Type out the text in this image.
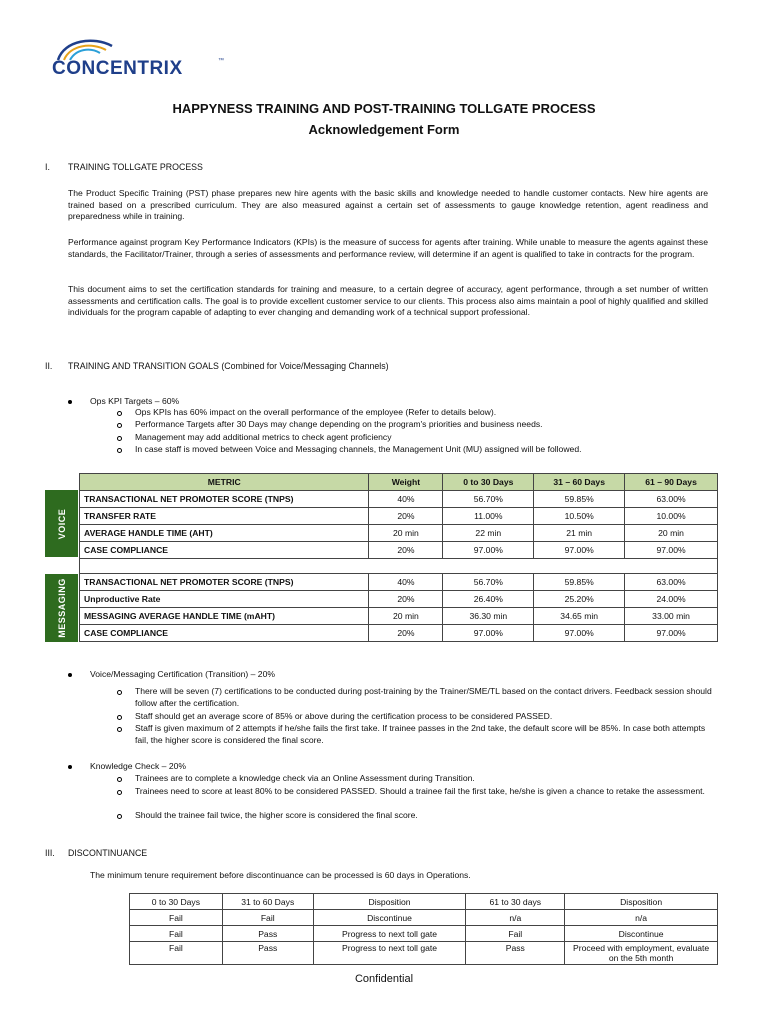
CONCENTRIX	™
HAPPYNESS TRAINING AND POST-TRAINING TOLLGATE PROCESS
Acknowledgement Form
I. TRAINING TOLLGATE PROCESS
The Product Specific Training (PST) phase prepares new hire agents with the basic skills and knowledge needed to handle customer contacts. New hire agents are trained based on a prescribed curriculum. They are also measured against a certain set of assessments to gauge knowledge retention, agent readiness and preparedness while in training.
Performance against program Key Performance Indicators (KPIs) is the measure of success for agents after training. While unable to measure the agents against these standards, the Facilitator/Trainer, through a series of assessments and performance review, will determine if an agent is qualified to take in contracts for the program.
This document aims to set the certification standards for training and measure, to a certain degree of accuracy, agent performance, through a set number of written assessments and certification calls. The goal is to provide excellent customer service to our clients. This process also aims maintain a pool of highly qualified and skilled individuals for the program capable of adapting to ever changing and demanding work of a technical support professional.
II. TRAINING AND TRANSITION GOALS (Combined for Voice/Messaging Channels)
Ops KPI Targets – 60%
Ops KPIs has 60% impact on the overall performance of the employee (Refer to details below).
Performance Targets after 30 Days may change depending on the program's priorities and business needs.
Management may add additional metrics to check agent proficiency
In case staff is moved between Voice and Messaging channels, the Management Unit (MU) assigned will be followed.
VOICE
MESSAGING
METRIC	Weight	0 to 30 Days	31 – 60 Days	61 – 90 Days
TRANSACTIONAL NET PROMOTER SCORE (TNPS)	40%	56.70%	59.85%	63.00%
TRANSFER RATE	20%	11.00%	10.50%	10.00%
AVERAGE HANDLE TIME (AHT)	20 min	22 min	21 min	20 min
CASE COMPLIANCE	20%	97.00%	97.00%	97.00%

TRANSACTIONAL NET PROMOTER SCORE (TNPS)	40%	56.70%	59.85%	63.00%
Unproductive Rate	20%	26.40%	25.20%	24.00%
MESSAGING AVERAGE HANDLE TIME (mAHT)	20 min	36.30 min	34.65 min	33.00 min
CASE COMPLIANCE	20%	97.00%	97.00%	97.00%
Voice/Messaging Certification (Transition) – 20%
There will be seven (7) certifications to be conducted during post-training by the Trainer/SME/TL based on the contact drivers. Feedback session should follow after the certification.
Staff should get an average score of 85% or above during the certification process to be considered PASSED.
Staff is given maximum of 2 attempts if he/she fails the first take. If trainee passes in the 2nd take, the default score will be 85%. In case both attempts fail, the higher score is considered the final score.
Knowledge Check – 20%
Trainees are to complete a knowledge check via an Online Assessment during Transition.
Trainees need to score at least 80% to be considered PASSED. Should a trainee fail the first take, he/she is given a chance to retake the assessment.
Should the trainee fail twice, the higher score is considered the final score.
III. DISCONTINUANCE
The minimum tenure requirement before discontinuance can be processed is 60 days in Operations.
0 to 30 Days	31 to 60 Days	Disposition	61 to 30 days	Disposition
Fail	Fail	Discontinue	n/a	n/a
Fail	Pass	Progress to next toll gate	Fail	Discontinue
Fail	Pass	Progress to next toll gate	Pass	Proceed with employment, evaluate on the 5th month
Confidential
